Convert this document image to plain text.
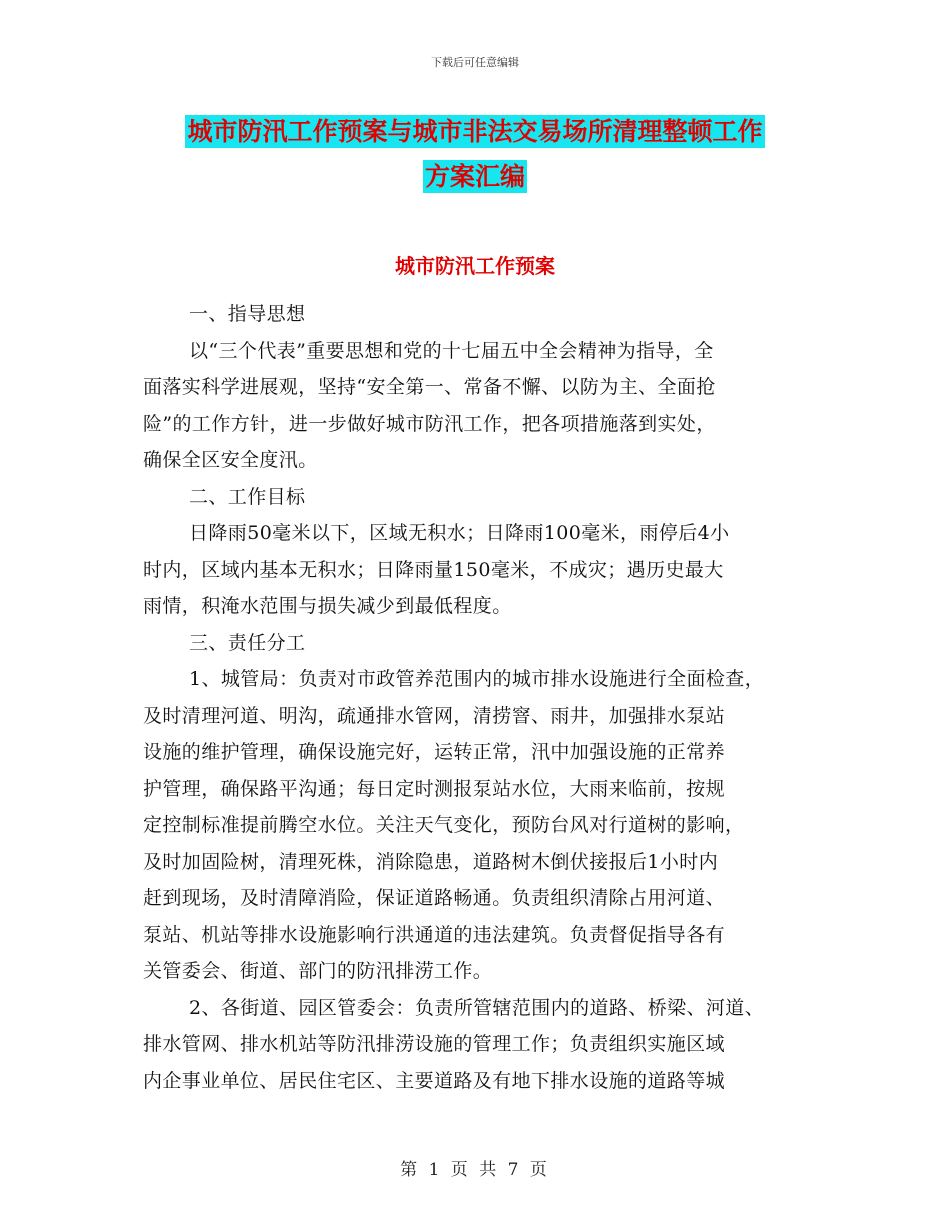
下载后可任意编辑
城市防汛工作预案与城市非法交易场所清理整顿工作
方案汇编
城市防汛工作预案

一、指导思想

以“三个代表”重要思想和党的十七届五中全会精神为指导，全
面落实科学进展观，坚持“安全第一、常备不懈、以防为主、全面抢
险”的工作方针，进一步做好城市防汛工作，把各项措施落到实处，
确保全区安全度汛。

二、工作目标

日降雨50毫米以下，区域无积水；日降雨100毫米，雨停后4小
时内，区域内基本无积水；日降雨量150毫米，不成灾；遇历史最大
雨情，积淹水范围与损失减少到最低程度。

三、责任分工

1、城管局：负责对市政管养范围内的城市排水设施进行全面检查，
及时清理河道、明沟，疏通排水管网，清捞窨、雨井，加强排水泵站
设施的维护管理，确保设施完好，运转正常，汛中加强设施的正常养
护管理，确保路平沟通；每日定时测报泵站水位，大雨来临前，按规
定控制标准提前腾空水位。关注天气变化，预防台风对行道树的影响，
及时加固险树，清理死株，消除隐患，道路树木倒伏接报后1小时内
赶到现场，及时清障消险，保证道路畅通。负责组织清除占用河道、
泵站、机站等排水设施影响行洪通道的违法建筑。负责督促指导各有
关管委会、街道、部门的防汛排涝工作。

2、各街道、园区管委会：负责所管辖范围内的道路、桥梁、河道、
排水管网、排水机站等防汛排涝设施的管理工作；负责组织实施区域
内企事业单位、居民住宅区、主要道路及有地下排水设施的道路等城

第 1 页 共 7 页
